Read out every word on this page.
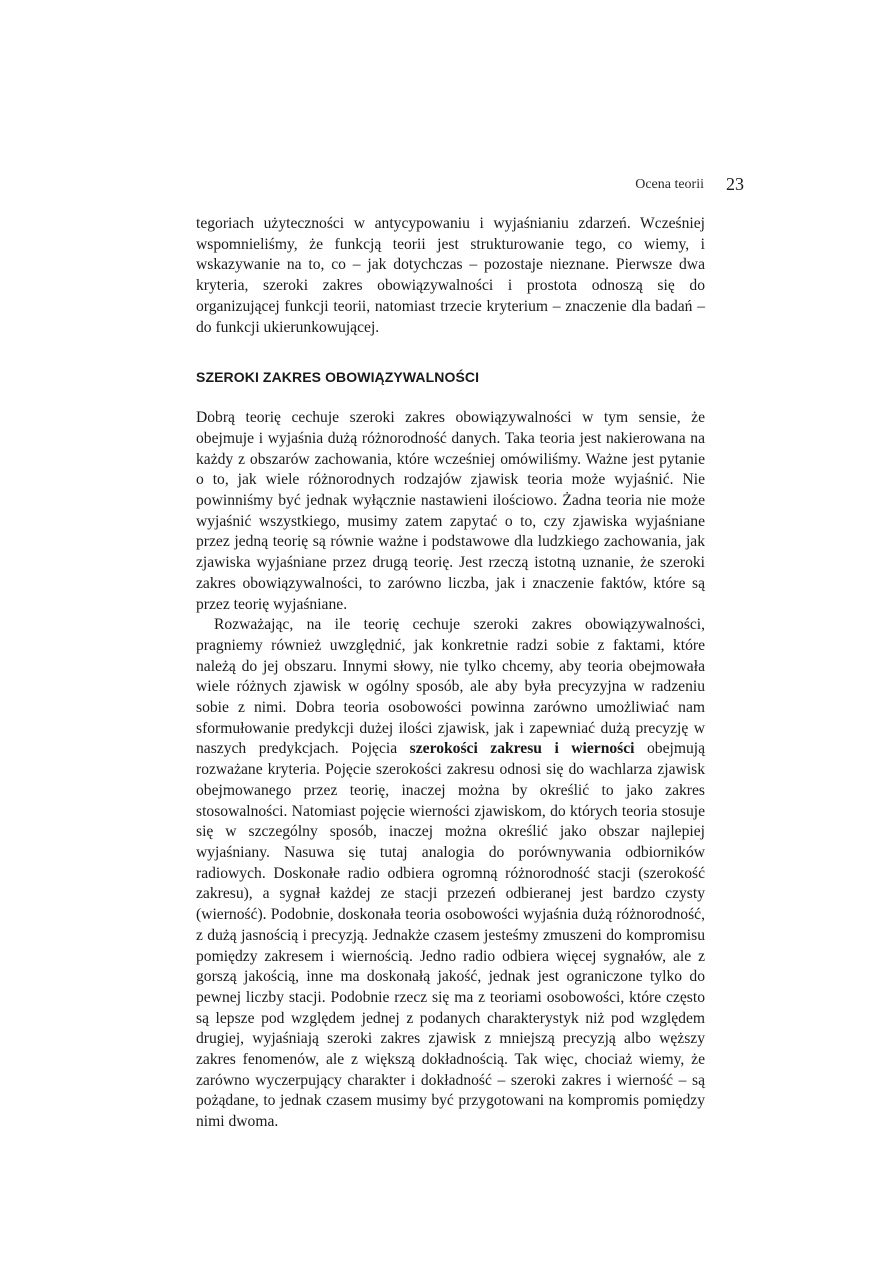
Ocena teorii 23

tegoriach użyteczności w antycypowaniu i wyjaśnianiu zdarzeń. Wcześniej wspomnieliśmy, że funkcją teorii jest strukturowanie tego, co wiemy, i wskazywanie na to, co – jak dotychczas – pozostaje nieznane. Pierwsze dwa kryteria, szeroki zakres obowiązywalności i prostota odnoszą się do organizującej funkcji teorii, natomiast trzecie kryterium – znaczenie dla badań – do funkcji ukierunkowującej.

SZEROKI ZAKRES OBOWIĄZYWALNOŚCI

Dobrą teorię cechuje szeroki zakres obowiązywalności w tym sensie, że obejmuje i wyjaśnia dużą różnorodność danych. Taka teoria jest nakierowana na każdy z obszarów zachowania, które wcześniej omówiliśmy. Ważne jest pytanie o to, jak wiele różnorodnych rodzajów zjawisk teoria może wyjaśnić. Nie powinniśmy być jednak wyłącznie nastawieni ilościowo. Żadna teoria nie może wyjaśnić wszystkiego, musimy zatem zapytać o to, czy zjawiska wyjaśniane przez jedną teorię są równie ważne i podstawowe dla ludzkiego zachowania, jak zjawiska wyjaśniane przez drugą teorię. Jest rzeczą istotną uznanie, że szeroki zakres obowiązywalności, to zarówno liczba, jak i znaczenie faktów, które są przez teorię wyjaśniane.

Rozważając, na ile teorię cechuje szeroki zakres obowiązywalności, pragniemy również uwzględnić, jak konkretnie radzi sobie z faktami, które należą do jej obszaru. Innymi słowy, nie tylko chcemy, aby teoria obejmowała wiele różnych zjawisk w ogólny sposób, ale aby była precyzyjna w radzeniu sobie z nimi. Dobra teoria osobowości powinna zarówno umożliwiać nam sformułowanie predykcji dużej ilości zjawisk, jak i zapewniać dużą precyzję w naszych predykcjach. Pojęcia szerokości zakresu i wierności obejmują rozważane kryteria. Pojęcie szerokości zakresu odnosi się do wachlarza zjawisk obejmowanego przez teorię, inaczej można by określić to jako zakres stosowalności. Natomiast pojęcie wierności zjawiskom, do których teoria stosuje się w szczególny sposób, inaczej można określić jako obszar najlepiej wyjaśniany. Nasuwa się tutaj analogia do porównywania odbiorników radiowych. Doskonałe radio odbiera ogromną różnorodność stacji (szerokość zakresu), a sygnał każdej ze stacji przezeń odbieranej jest bardzo czysty (wierność). Podobnie, doskonała teoria osobowości wyjaśnia dużą różnorodność, z dużą jasnością i precyzją. Jednakże czasem jesteśmy zmuszeni do kompromisu pomiędzy zakresem i wiernością. Jedno radio odbiera więcej sygnałów, ale z gorszą jakością, inne ma doskonałą jakość, jednak jest ograniczone tylko do pewnej liczby stacji. Podobnie rzecz się ma z teoriami osobowości, które często są lepsze pod względem jednej z podanych charakterystyk niż pod względem drugiej, wyjaśniają szeroki zakres zjawisk z mniejszą precyzją albo węższy zakres fenomenów, ale z większą dokładnością. Tak więc, chociaż wiemy, że zarówno wyczerpujący charakter i dokładność – szeroki zakres i wierność – są pożądane, to jednak czasem musimy być przygotowani na kompromis pomiędzy nimi dwoma.
